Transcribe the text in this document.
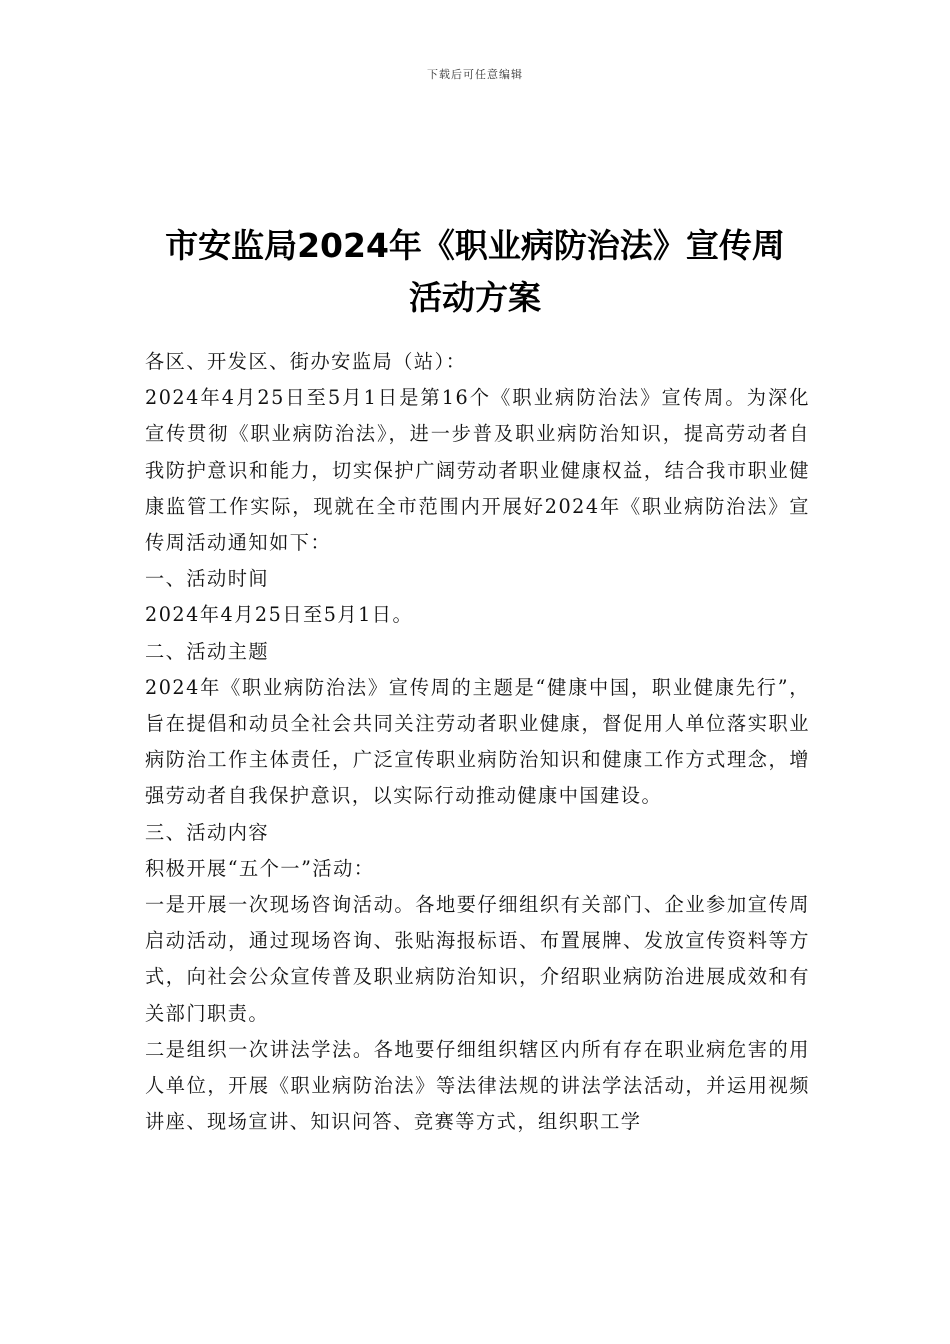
下载后可任意编辑
市安监局2024年《职业病防治法》宣传周
活动方案

各区、开发区、街办安监局（站）：

2024年4月25日至5月1日是第16个《职业病防治法》宣传周。为深化宣传贯彻《职业病防治法》，进一步普及职业病防治知识，提高劳动者自我防护意识和能力，切实保护广阔劳动者职业健康权益，结合我市职业健康监管工作实际，现就在全市范围内开展好2024年《职业病防治法》宣传周活动通知如下：

一、活动时间

2024年4月25日至5月1日。

二、活动主题

2024年《职业病防治法》宣传周的主题是“健康中国，职业健康先行”，旨在提倡和动员全社会共同关注劳动者职业健康，督促用人单位落实职业病防治工作主体责任，广泛宣传职业病防治知识和健康工作方式理念，增强劳动者自我保护意识，以实际行动推动健康中国建设。

三、活动内容

积极开展“五个一”活动：

一是开展一次现场咨询活动。各地要仔细组织有关部门、企业参加宣传周启动活动，通过现场咨询、张贴海报标语、布置展牌、发放宣传资料等方式，向社会公众宣传普及职业病防治知识，介绍职业病防治进展成效和有关部门职责。

二是组织一次讲法学法。各地要仔细组织辖区内所有存在职业病危害的用人单位，开展《职业病防治法》等法律法规的讲法学法活动，并运用视频讲座、现场宣讲、知识问答、竞赛等方式，组织职工学
